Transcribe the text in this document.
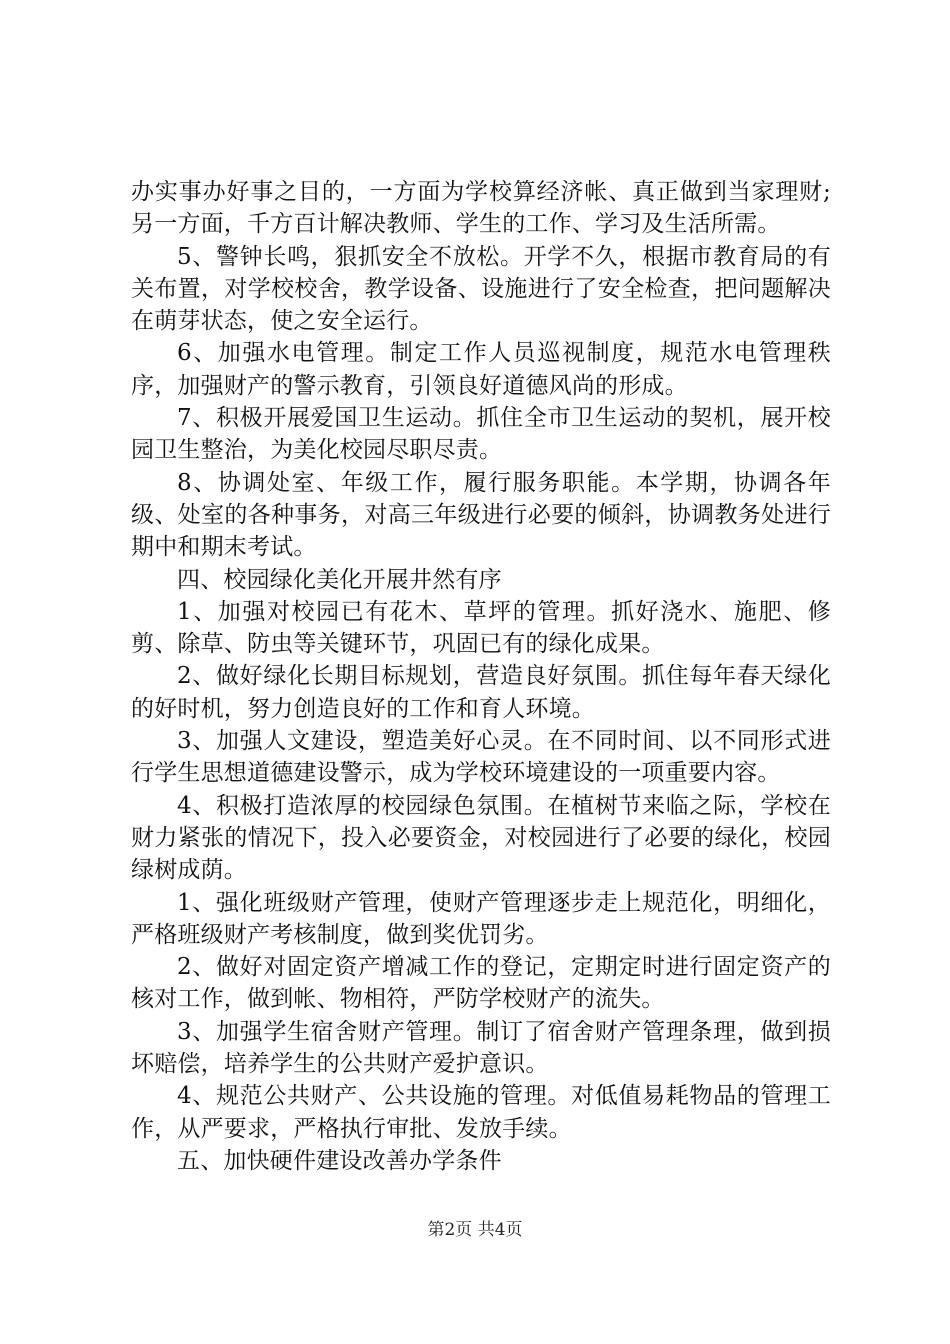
办实事办好事之目的，一方面为学校算经济帐、真正做到当家理财;另一方面，千方百计解决教师、学生的工作、学习及生活所需。

5、警钟长鸣，狠抓安全不放松。开学不久，根据市教育局的有关布置，对学校校舍，教学设备、设施进行了安全检查，把问题解决在萌芽状态，使之安全运行。

6、加强水电管理。制定工作人员巡视制度，规范水电管理秩序，加强财产的警示教育，引领良好道德风尚的形成。

7、积极开展爱国卫生运动。抓住全市卫生运动的契机，展开校园卫生整治，为美化校园尽职尽责。

8、协调处室、年级工作，履行服务职能。本学期，协调各年级、处室的各种事务，对高三年级进行必要的倾斜，协调教务处进行期中和期末考试。

四、校园绿化美化开展井然有序

1、加强对校园已有花木、草坪的管理。抓好浇水、施肥、修剪、除草、防虫等关键环节，巩固已有的绿化成果。

2、做好绿化长期目标规划，营造良好氛围。抓住每年春天绿化的好时机，努力创造良好的工作和育人环境。

3、加强人文建设，塑造美好心灵。在不同时间、以不同形式进行学生思想道德建设警示，成为学校环境建设的一项重要内容。

4、积极打造浓厚的校园绿色氛围。在植树节来临之际，学校在财力紧张的情况下，投入必要资金，对校园进行了必要的绿化，校园绿树成荫。

1、强化班级财产管理，使财产管理逐步走上规范化，明细化，严格班级财产考核制度，做到奖优罚劣。

2、做好对固定资产增减工作的登记，定期定时进行固定资产的核对工作，做到帐、物相符，严防学校财产的流失。

3、加强学生宿舍财产管理。制订了宿舍财产管理条理，做到损坏赔偿，培养学生的公共财产爱护意识。

4、规范公共财产、公共设施的管理。对低值易耗物品的管理工作，从严要求，严格执行审批、发放手续。

五、加快硬件建设改善办学条件

第2页 共4页
